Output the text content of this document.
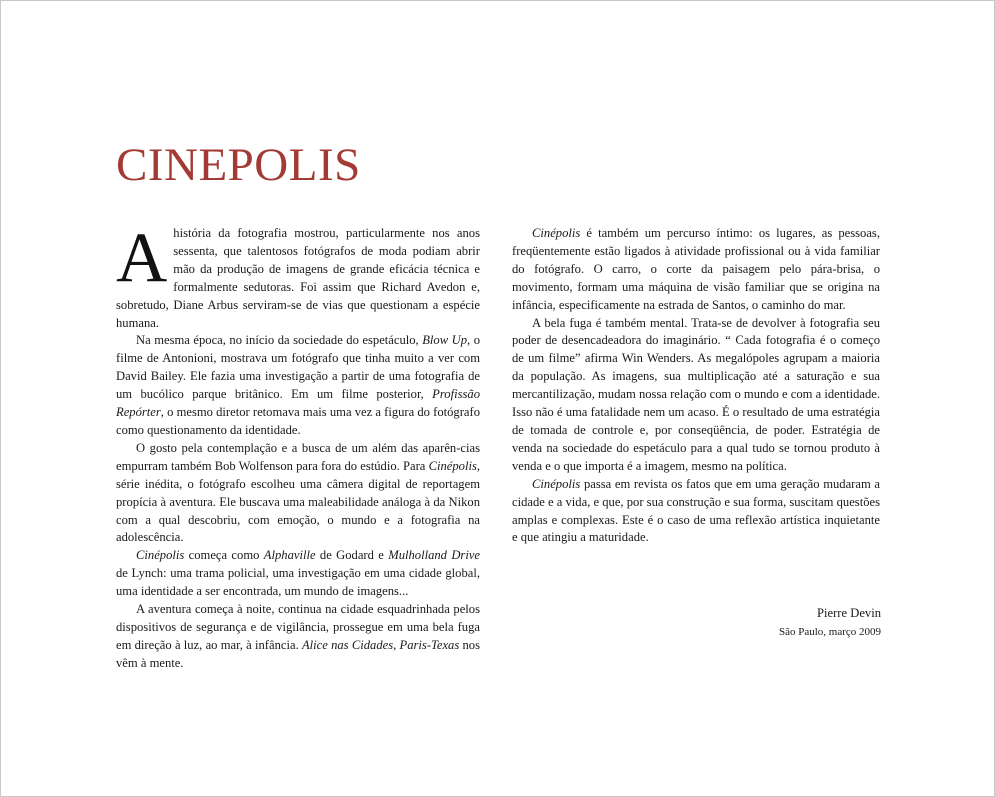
CINEPOLIS

Ahistória da fotografia mostrou, particularmente nos anos sessenta, que talentosos fotógrafos de moda podiam abrir mão da produção de imagens de grande eficácia técnica e formalmente sedutoras. Foi assim que Richard Avedon e, sobretudo, Diane Arbus serviram-se de vias que questionam a espécie humana.

Na mesma época, no início da sociedade do espetáculo, Blow Up, o filme de Antonioni, mostrava um fotógrafo que tinha muito a ver com David Bailey. Ele fazia uma investigação a partir de uma fotografia de um bucólico parque britânico. Em um filme posterior, Profissão Repórter, o mesmo diretor retomava mais uma vez a figura do fotógrafo como questionamento da identidade.

O gosto pela contemplação e a busca de um além das aparên-cias empurram também Bob Wolfenson para fora do estúdio. Para Cinépolis, série inédita, o fotógrafo escolheu uma câmera digital de reportagem propícia à aventura. Ele buscava uma maleabilidade análoga à da Nikon com a qual descobriu, com emoção, o mundo e a fotografia na adolescência.

Cinépolis começa como Alphaville de Godard e Mulholland Drive de Lynch: uma trama policial, uma investigação em uma cidade global, uma identidade a ser encontrada, um mundo de imagens...

A aventura começa à noite, continua na cidade esquadrinhada pelos dispositivos de segurança e de vigilância, prossegue em uma bela fuga em direção à luz, ao mar, à infância. Alice nas Cidades, Paris-Texas nos vêm à mente.

Cinépolis é também um percurso íntimo: os lugares, as pessoas, freqüentemente estão ligados à atividade profissional ou à vida familiar do fotógrafo. O carro, o corte da paisagem pelo pára-brisa, o movimento, formam uma máquina de visão familiar que se origina na infância, especificamente na estrada de Santos, o caminho do mar.

A bela fuga é também mental. Trata-se de devolver à fotografia seu poder de desencadeadora do imaginário. “ Cada fotografia é o começo de um filme” afirma Win Wenders. As megalópoles agrupam a maioria da população. As imagens, sua multiplicação até a saturação e sua mercantilização, mudam nossa relação com o mundo e com a identidade. Isso não é uma fatalidade nem um acaso. É o resultado de uma estratégia de tomada de controle e, por conseqüência, de poder. Estratégia de venda na sociedade do espetáculo para a qual tudo se tornou produto à venda e o que importa é a imagem, mesmo na política.

Cinépolis passa em revista os fatos que em uma geração mudaram a cidade e a vida, e que, por sua construção e sua forma, suscitam questões amplas e complexas. Este é o caso de uma reflexão artística inquietante e que atingiu a maturidade.

Pierre Devin
São Paulo, março 2009
